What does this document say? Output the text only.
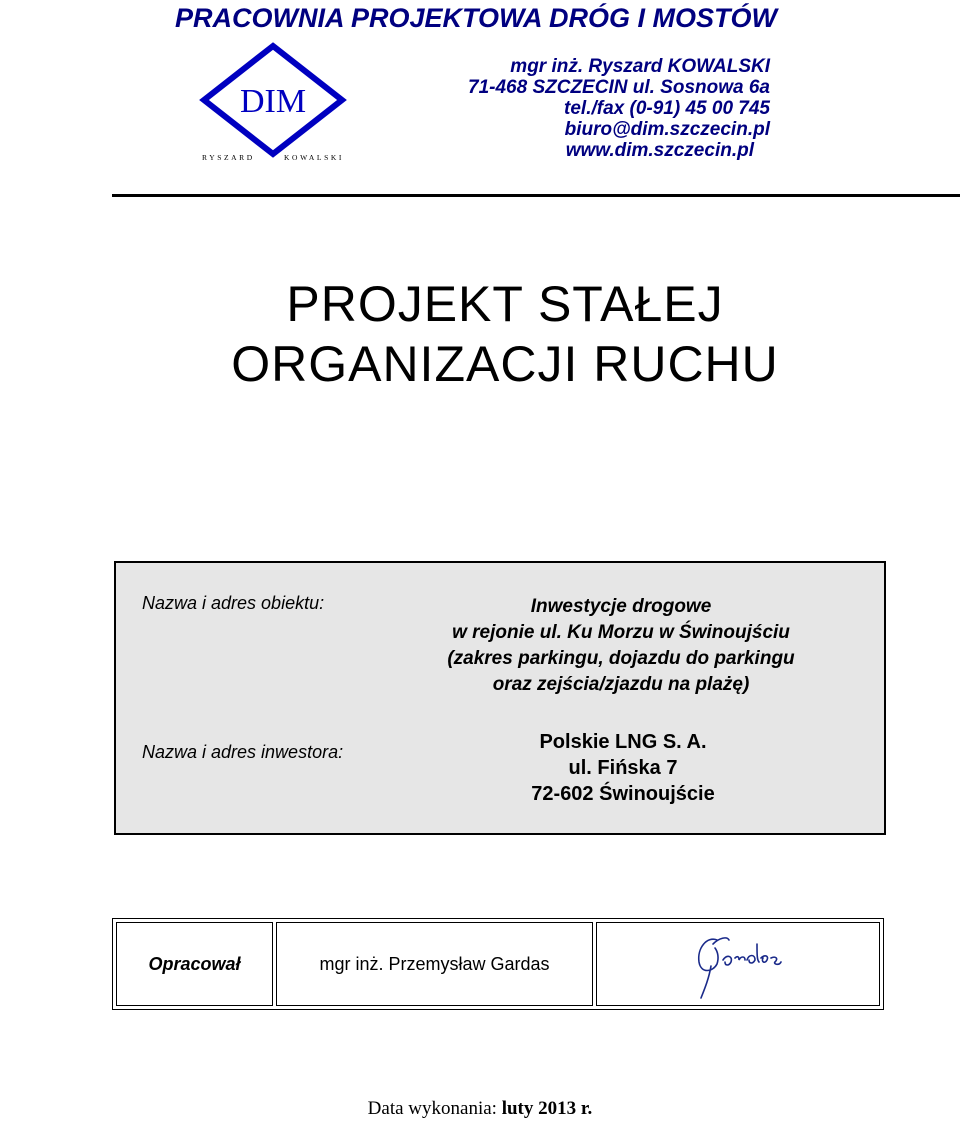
PRACOWNIA PROJEKTOWA DRÓG I MOSTÓW
DIM
RYSZARD	KOWALSKI
mgr inż. Ryszard KOWALSKI
71-468 SZCZECIN ul. Sosnowa 6a
tel./fax (0-91) 45 00 745
biuro@dim.szczecin.pl
www.dim.szczecin.pl
PROJEKT STAŁEJ
ORGANIZACJI RUCHU
Nazwa i adres obiektu:	Inwestycje drogowe
w rejonie ul. Ku Morzu w Świnoujściu
(zakres parkingu, dojazdu do parkingu
oraz zejścia/zjazdu na plażę)
Nazwa i adres inwestora:	Polskie LNG S. A.
ul. Fińska 7
72-602 Świnoujście
Opracował	mgr inż. Przemysław Gardas
Data wykonania: luty 2013 r.
